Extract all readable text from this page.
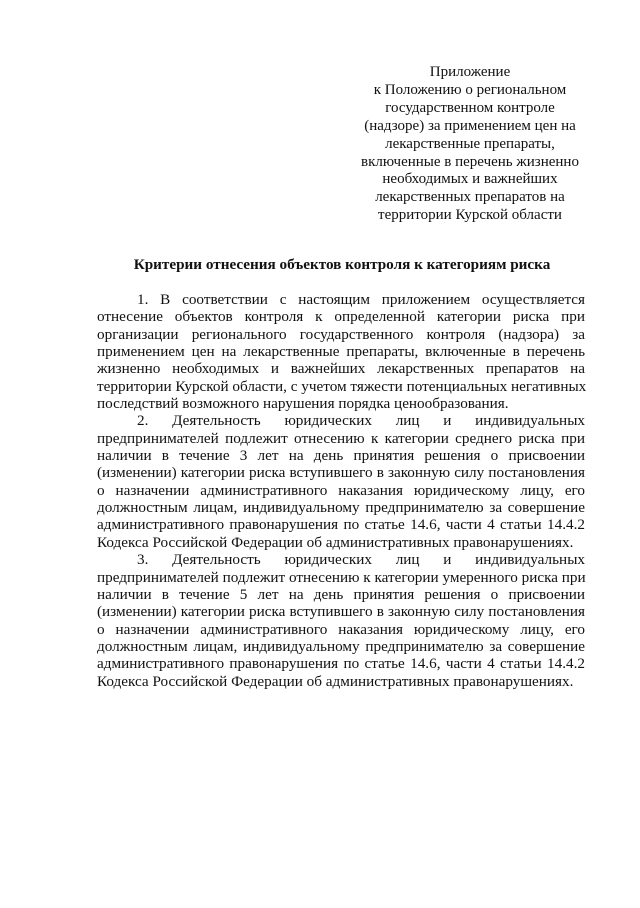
Приложение
к Положению о региональном
государственном контроле
(надзоре) за применением цен на
лекарственные препараты,
включенные в перечень жизненно
необходимых и важнейших
лекарственных препаратов на
территории Курской области
Критерии отнесения объектов контроля к категориям риска
1. В соответствии с настоящим приложением осуществляется
отнесение объектов контроля к определенной категории риска при
организации регионального государственного контроля (надзора) за
применением цен на лекарственные препараты, включенные в перечень
жизненно необходимых и важнейших лекарственных препаратов на
территории Курской области, с учетом тяжести потенциальных негативных
последствий возможного нарушения порядка ценообразования.
2. Деятельность юридических лиц и индивидуальных
предпринимателей подлежит отнесению к категории среднего риска при
наличии в течение 3 лет на день принятия решения о присвоении
(изменении) категории риска вступившего в законную силу постановления
о назначении административного наказания юридическому лицу, его
должностным лицам, индивидуальному предпринимателю за совершение
административного правонарушения по статье 14.6, части 4 статьи 14.4.2
Кодекса Российской Федерации об административных правонарушениях.
3. Деятельность юридических лиц и индивидуальных
предпринимателей подлежит отнесению к категории умеренного риска при
наличии в течение 5 лет на день принятия решения о присвоении
(изменении) категории риска вступившего в законную силу постановления
о назначении административного наказания юридическому лицу, его
должностным лицам, индивидуальному предпринимателю за совершение
административного правонарушения по статье 14.6, части 4 статьи 14.4.2
Кодекса Российской Федерации об административных правонарушениях.
